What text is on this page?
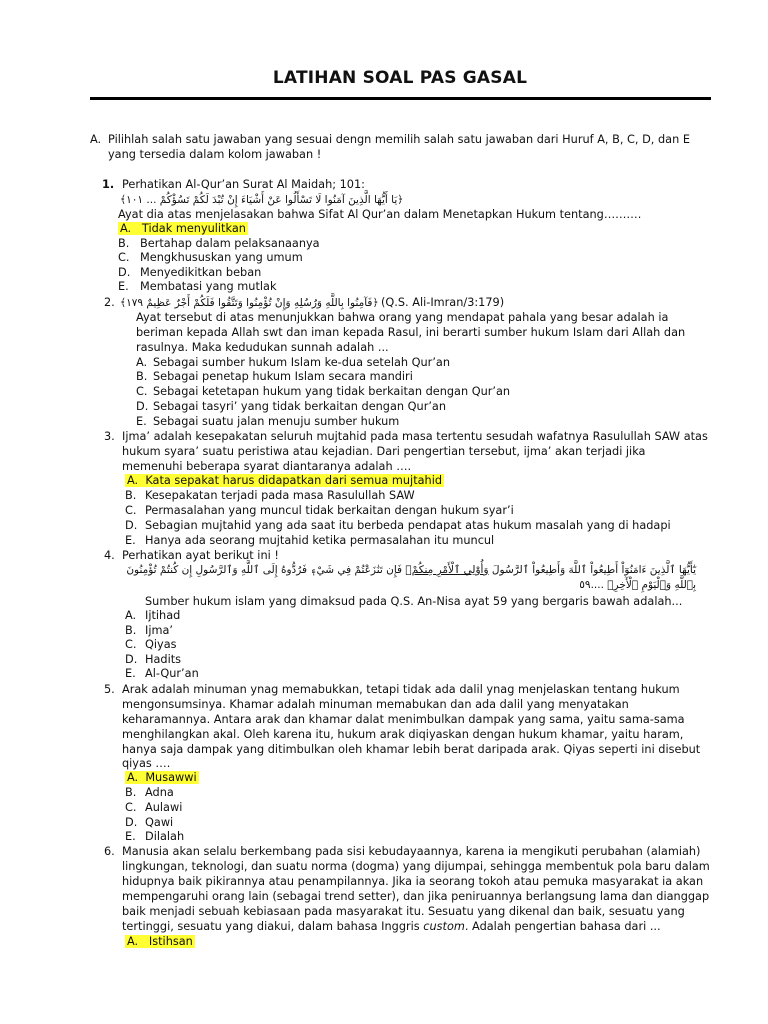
LATIHAN SOAL PAS GASAL
A. Pilihlah salah satu jawaban yang sesuai dengn memilih salah satu jawaban dari Huruf A, B, C, D, dan E
yang tersedia dalam kolom jawaban !
1. Perhatikan Al-Qur’an Surat Al Maidah; 101:
﴿يَا أَيُّهَا الَّذِينَ آمَنُوا لَا تَسْأَلُوا عَنْ أَشْيَاءَ إِنْ تُبْدَ لَكُمْ تَسُؤْكُمْ ... ١٠١﴾
Ayat dia atas menjelasakan bahwa Sifat Al Qur’an dalam Menetapkan Hukum tentang……….
A. Tidak menyulitkan
B. Bertahap dalam pelaksanaanya
C. Mengkhususkan yang umum
D. Menyedikitkan beban
E. Membatasi yang mutlak
2. ﴿فَآمِنُوا بِاللَّهِ وَرُسُلِهِ وَإِنْ تُؤْمِنُوا وَتَتَّقُوا فَلَكُمْ أَجْرٌ عَظِيمٌ ١٧٩﴾ (Q.S. Ali-Imran/3:179)
Ayat tersebut di atas menunjukkan bahwa orang yang mendapat pahala yang besar adalah ia
beriman kepada Allah swt dan iman kepada Rasul, ini berarti sumber hukum Islam dari Allah dan
rasulnya. Maka kedudukan sunnah adalah ...
A. Sebagai sumber hukum Islam ke-dua setelah Qur’an
B. Sebagai penetap hukum Islam secara mandiri
C. Sebagai ketetapan hukum yang tidak berkaitan dengan Qur’an
D. Sebagai tasyri’ yang tidak berkaitan dengan Qur’an
E. Sebagai suatu jalan menuju sumber hukum
3. Ijma’ adalah kesepakatan seluruh mujtahid pada masa tertentu sesudah wafatnya Rasulullah SAW atas
hukum syara’ suatu peristiwa atau kejadian. Dari pengertian tersebut, ijma’ akan terjadi jika
memenuhi beberapa syarat diantaranya adalah ….
A. Kata sepakat harus didapatkan dari semua mujtahid
B. Kesepakatan terjadi pada masa Rasulullah SAW
C. Permasalahan yang muncul tidak berkaitan dengan hukum syar’i
D. Sebagian mujtahid yang ada saat itu berbeda pendapat atas hukum masalah yang di hadapi
E. Hanya ada seorang mujtahid ketika permasalahan itu muncul
4. Perhatikan ayat berikut ini !
يَٰٓأَيُّهَا ٱلَّذِينَ ءَامَنُوٓاْ أَطِيعُواْ ٱللَّهَ وَأَطِيعُواْ ٱلرَّسُولَ وَأُوْلِي ٱلْأَمْرِ مِنكُمْۖ فَإِن تَنَٰزَعْتُمْ فِي شَيْءٖ فَرُدُّوهُ إِلَى ٱللَّهِ وَٱلرَّسُولِ إِن كُنتُمْ تُؤْمِنُونَ
بِٱللَّهِ وَٱلْيَوْمِ ٱلْأٓخِرِۚ ....٥٩
Sumber hukum islam yang dimaksud pada Q.S. An-Nisa ayat 59 yang bergaris bawah adalah...
A. Ijtihad
B. Ijma’
C. Qiyas
D. Hadits
E. Al-Qur’an
5. Arak adalah minuman ynag memabukkan, tetapi tidak ada dalil ynag menjelaskan tentang hukum
mengonsumsinya. Khamar adalah minuman memabukan dan ada dalil yang menyatakan
keharamannya. Antara arak dan khamar dalat menimbulkan dampak yang sama, yaitu sama-sama
menghilangkan akal. Oleh karena itu, hukum arak diqiyaskan dengan hukum khamar, yaitu haram,
hanya saja dampak yang ditimbulkan oleh khamar lebih berat daripada arak. Qiyas seperti ini disebut
qiyas ….
A. Musawwi
B. Adna
C. Aulawi
D. Qawi
E. Dilalah
6. Manusia akan selalu berkembang pada sisi kebudayaannya, karena ia mengikuti perubahan (alamiah)
lingkungan, teknologi, dan suatu norma (dogma) yang dijumpai, sehingga membentuk pola baru dalam
hidupnya baik pikirannya atau penampilannya. Jika ia seorang tokoh atau pemuka masyarakat ia akan
mempengaruhi orang lain (sebagai trend setter), dan jika peniruannya berlangsung lama dan dianggap
baik menjadi sebuah kebiasaan pada masyarakat itu. Sesuatu yang dikenal dan baik, sesuatu yang
tertinggi, sesuatu yang diakui, dalam bahasa Inggris custom. Adalah pengertian bahasa dari ...
A. Istihsan
